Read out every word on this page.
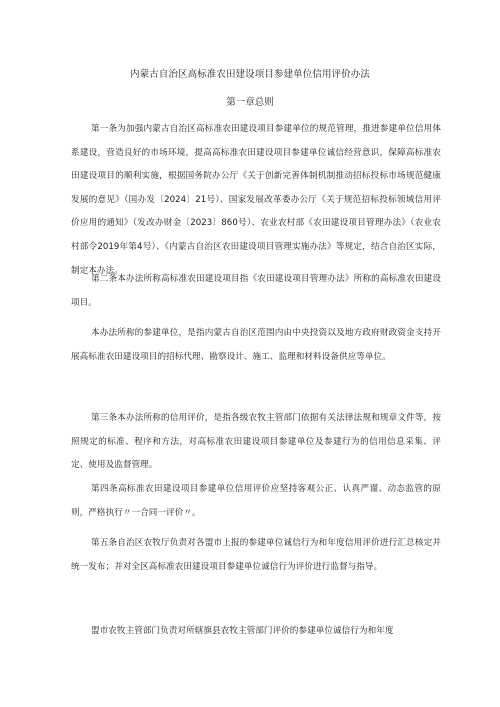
内蒙古自治区高标准农田建设项目参建单位信用评价办法
第一章总则

第一条为加强内蒙古自治区高标准农田建设项目参建单位的规范管理，推进参建单位信用体系建设，营造良好的市场环境，提高高标准农田建设项目参建单位诚信经营意识，保障高标准农田建设项目的顺利实施，根据国务院办公厅《关于创新完善体制机制推动招标投标市场规范健康发展的意见》（国办发〔2024〕21号）、国家发展改革委办公厅《关于规范招标投标领域信用评价应用的通知》（发改办财金〔2023〕860号）、农业农村部《农田建设项目管理办法》（农业农村部令2019年第4号）、《内蒙古自治区农田建设项目管理实施办法》等规定，结合自治区实际，制定本办法。

第二条本办法所称高标准农田建设项目指《农田建设项目管理办法》所称的高标准农田建设项目。

本办法所称的参建单位，是指内蒙古自治区范围内由中央投资以及地方政府财政资金支持开展高标准农田建设项目的招标代理、勘察设计、施工、监理和材料设备供应等单位。

第三条本办法所称的信用评价，是指各级农牧主管部门依据有关法律法规和规章文件等，按照规定的标准、程序和方法，对高标准农田建设项目参建单位及参建行为的信用信息采集、评定、使用及监督管理。

第四条高标准农田建设项目参建单位信用评价应坚持客观公正、认真严谨、动态监管的原则，严格执行〃一合同一评价〃。

第五条自治区农牧厅负责对各盟市上报的参建单位诚信行为和年度信用评价进行汇总核定并统一发布；并对全区高标准农田建设项目参建单位诚信行为评价进行监督与指导。

盟市农牧主管部门负责对所辖旗县农牧主管部门评价的参建单位诚信行为和年度
